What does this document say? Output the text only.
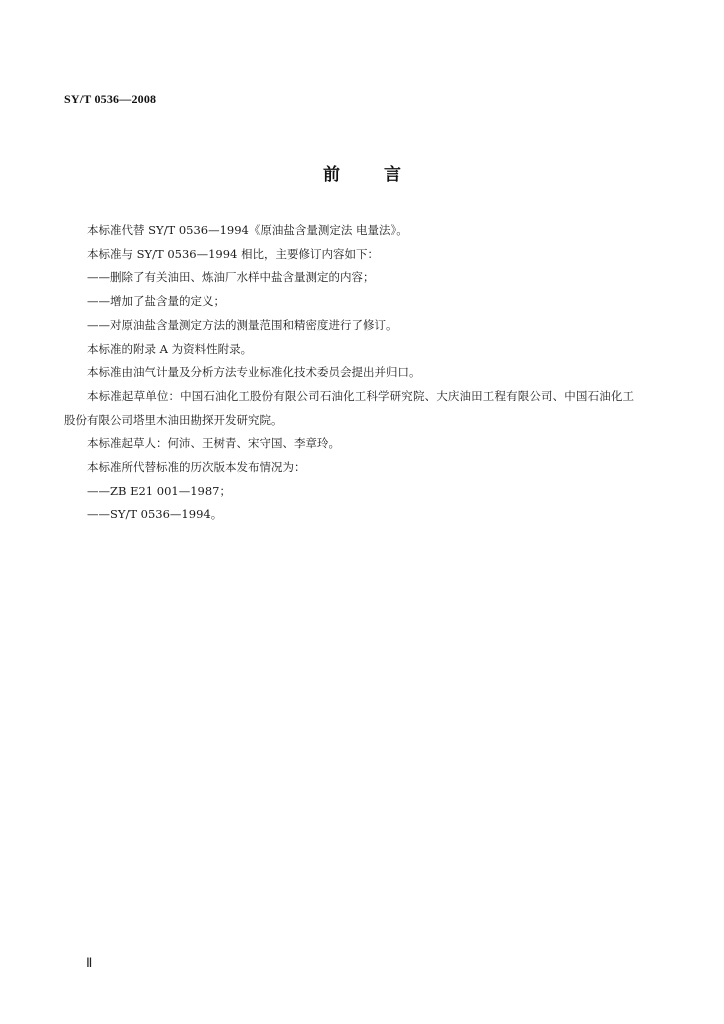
SY/T 0536—2008
前	言

本标准代替 SY/T 0536—1994《原油盐含量测定法 电量法》。

本标准与 SY/T 0536—1994 相比，主要修订内容如下：

——删除了有关油田、炼油厂水样中盐含量测定的内容；

——增加了盐含量的定义；

——对原油盐含量测定方法的测量范围和精密度进行了修订。

本标准的附录 A 为资料性附录。

本标准由油气计量及分析方法专业标准化技术委员会提出并归口。

本标准起草单位：中国石油化工股份有限公司石油化工科学研究院、大庆油田工程有限公司、中国石油化工股份有限公司塔里木油田勘探开发研究院。

本标准起草人：何沛、王树青、宋守国、李章玲。

本标准所代替标准的历次版本发布情况为：

——ZB E21 001—1987；

——SY/T 0536—1994。

Ⅱ
